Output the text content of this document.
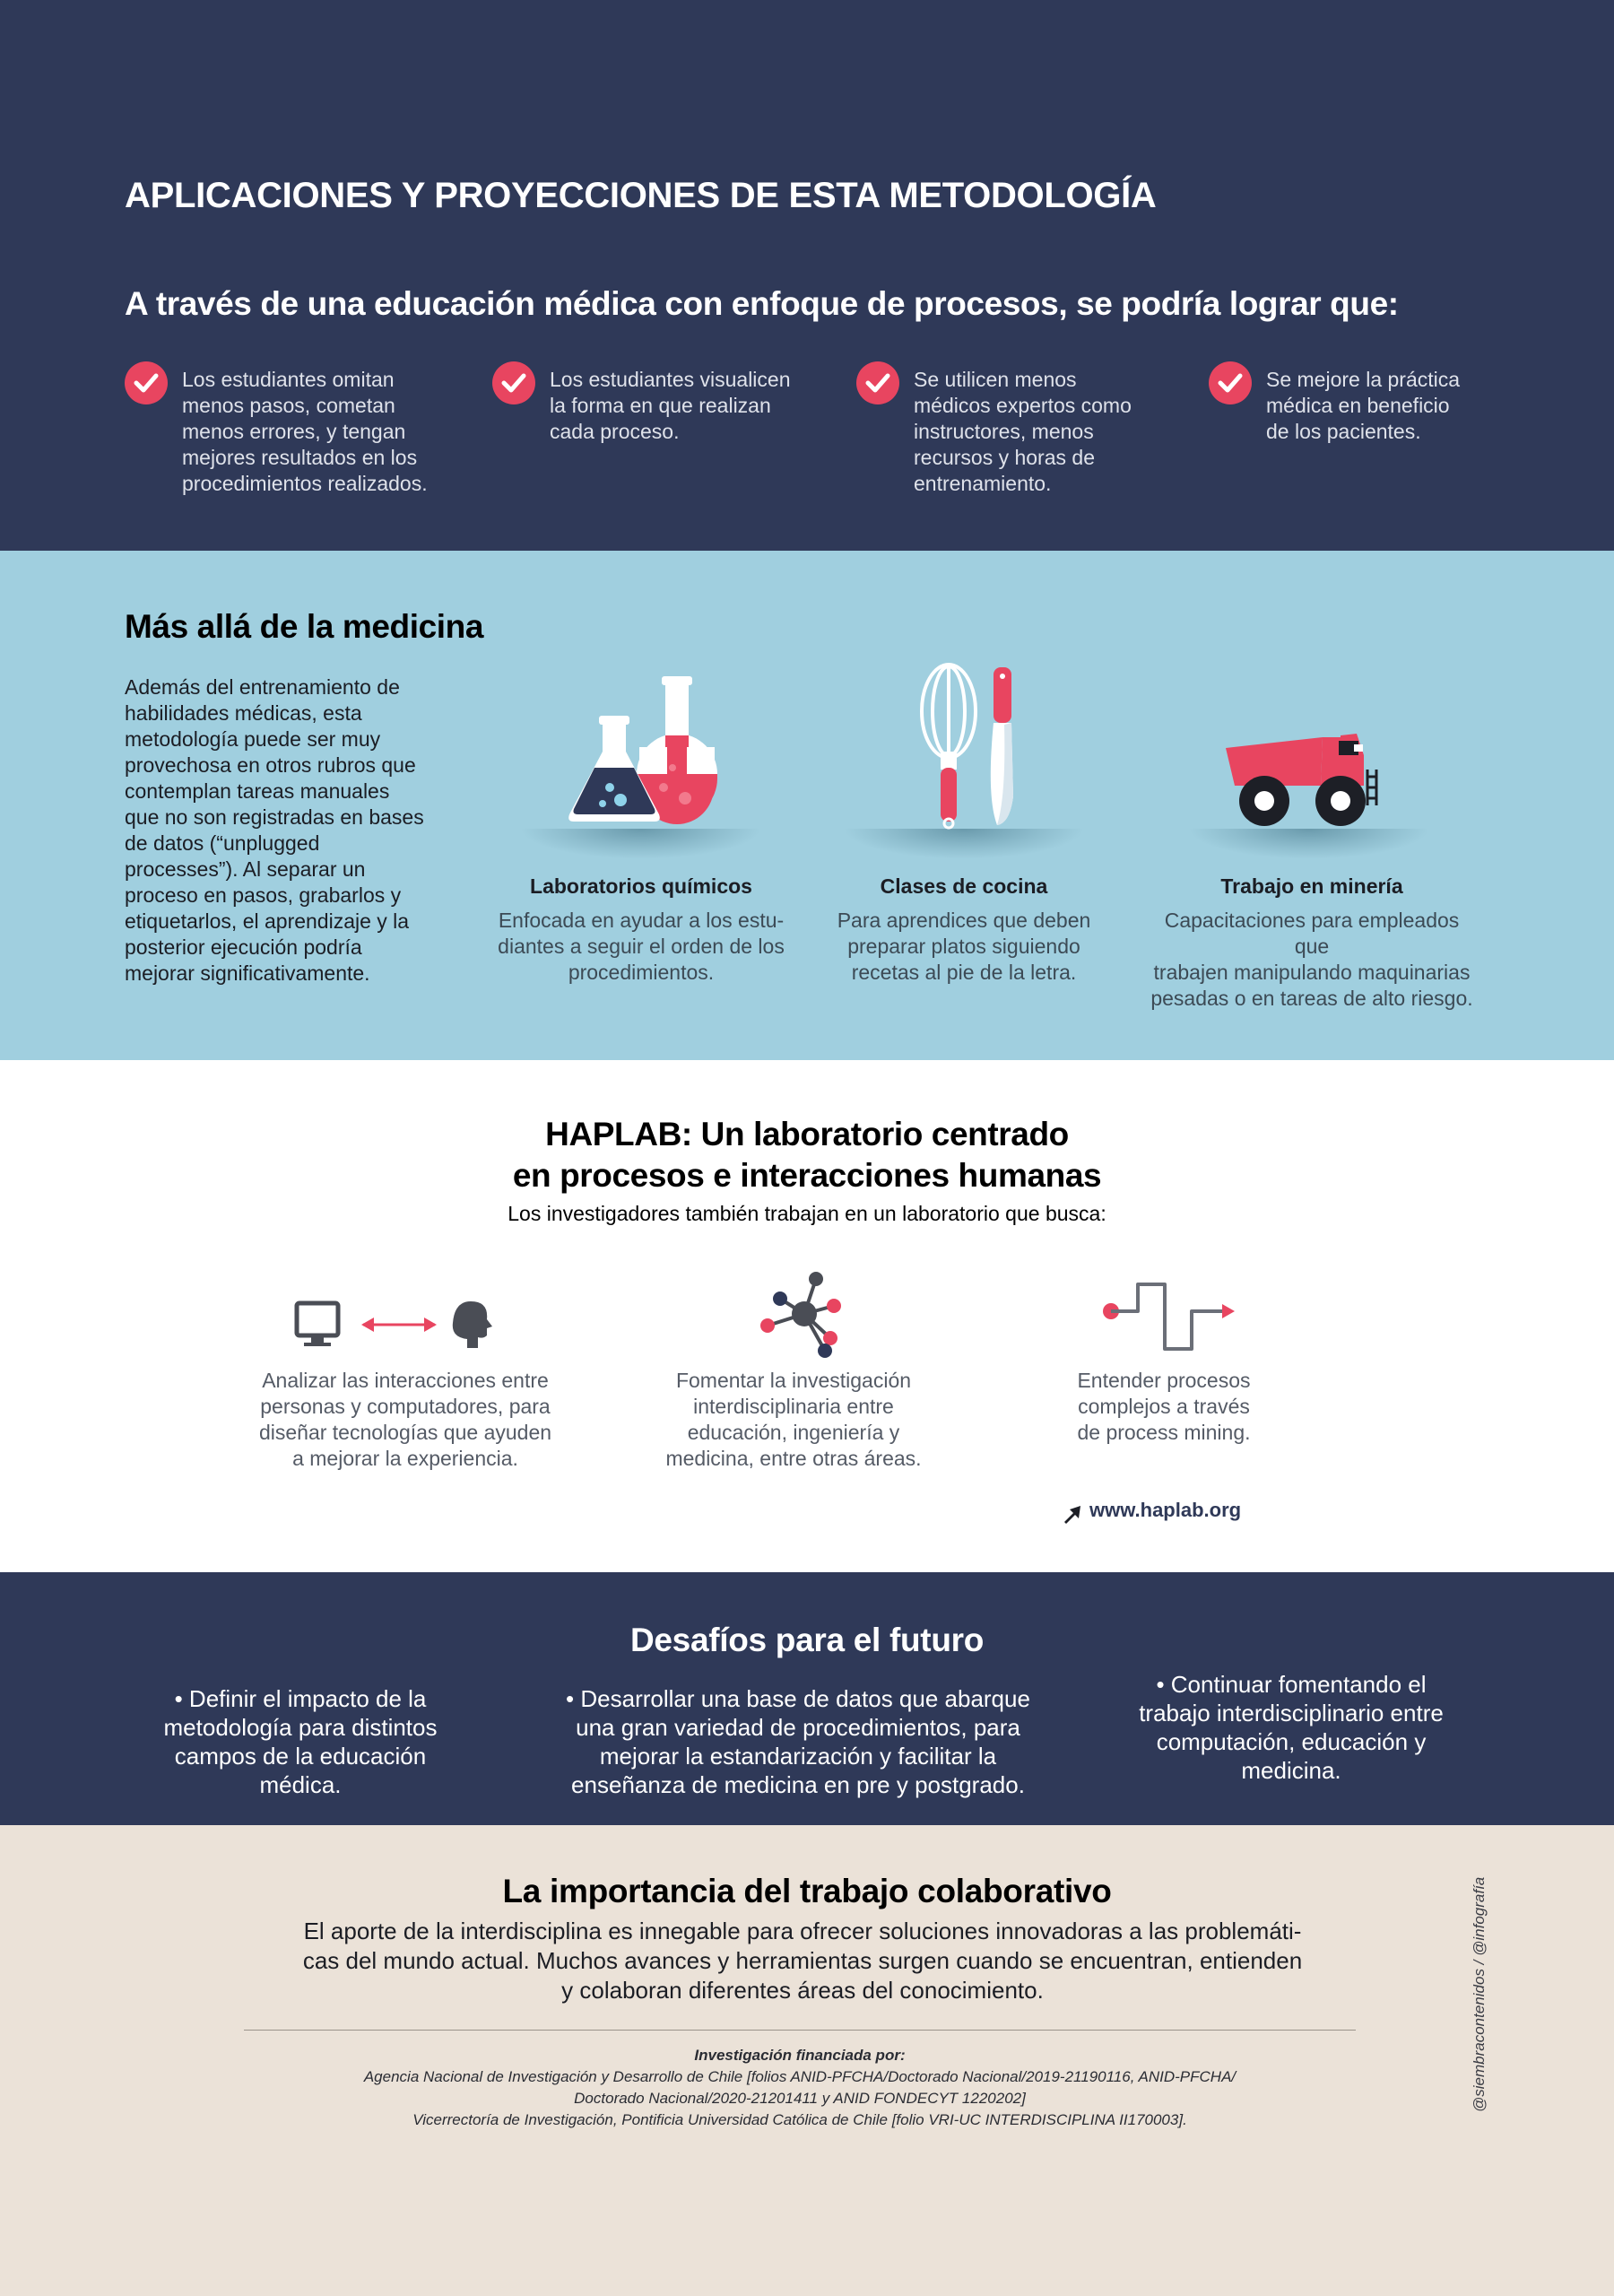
APLICACIONES Y PROYECCIONES DE ESTA METODOLOGÍA
A través de una educación médica con enfoque de procesos, se podría lograr que:
Los estudiantes omitan
menos pasos, cometan
menos errores, y tengan
mejores resultados en los
procedimientos realizados.
Los estudiantes visualicen
la forma en que realizan
cada proceso.
Se utilicen menos
médicos expertos como
instructores, menos
recursos y horas de
entrenamiento.
Se mejore la práctica
médica en beneficio
de los pacientes.
Más allá de la medicina
Además del entrenamiento de
habilidades médicas, esta
metodología puede ser muy
provechosa en otros rubros que
contemplan tareas manuales
que no son registradas en bases
de datos (“unplugged
processes”). Al separar un
proceso en pasos, grabarlos y
etiquetarlos, el aprendizaje y la
posterior ejecución podría
mejorar significativamente.
Laboratorios químicos
Enfocada en ayudar a los estu-
diantes a seguir el orden de los
procedimientos.
Clases de cocina
Para aprendices que deben
preparar platos siguiendo
recetas al pie de la letra.
Trabajo en minería
Capacitaciones para empleados que
trabajen manipulando maquinarias
pesadas o en tareas de alto riesgo.
HAPLAB: Un laboratorio centrado
en procesos e interacciones humanas
Los investigadores también trabajan en un laboratorio que busca:
Analizar las interacciones entre
personas y computadores, para
diseñar tecnologías que ayuden
a mejorar la experiencia.
Fomentar la investigación
interdisciplinaria entre
educación, ingeniería y
medicina, entre otras áreas.
Entender procesos
complejos a través
de process mining.
www.haplab.org
Desafíos para el futuro
• Definir el impacto de la
metodología para distintos
campos de la educación
médica.
• Desarrollar una base de datos que abarque
una gran variedad de procedimientos, para
mejorar la estandarización y facilitar la
enseñanza de medicina en pre y postgrado.
• Continuar fomentando el
trabajo interdisciplinario entre
computación, educación y
medicina.
La importancia del trabajo colaborativo
El aporte de la interdisciplina es innegable para ofrecer soluciones innovadoras a las problemáti-
cas del mundo actual. Muchos avances y herramientas surgen cuando se encuentran, entienden
y colaboran diferentes áreas del conocimiento.
Investigación financiada por:
Agencia Nacional de Investigación y Desarrollo de Chile [folios ANID-PFCHA/Doctorado Nacional/2019-21190116, ANID-PFCHA/
Doctorado Nacional/2020-21201411 y ANID FONDECYT 1220202]
Vicerrectoría de Investigación, Pontificia Universidad Católica de Chile [folio VRI-UC INTERDISCIPLINA II170003].
@siembracontenidos / @infografía
